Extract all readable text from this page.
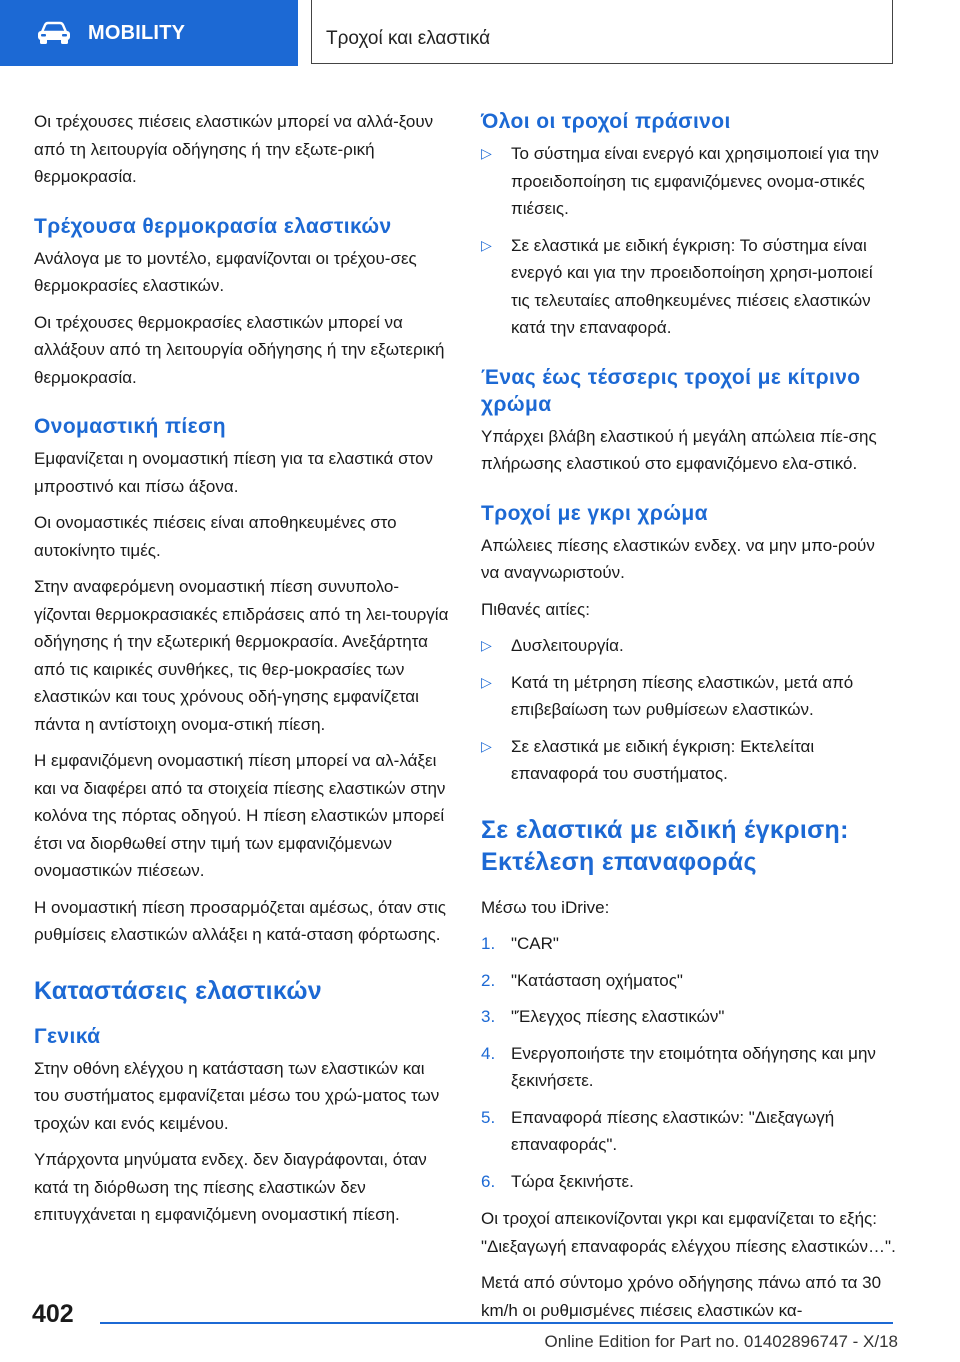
MOBILITY	Τροχοί και ελαστικά

Οι τρέχουσες πιέσεις ελαστικών μπορεί να αλλά-ξουν από τη λειτουργία οδήγησης ή την εξωτε-ρική θερμοκρασία.

Τρέχουσα θερμοκρασία ελαστικών

Ανάλογα με το μοντέλο, εμφανίζονται οι τρέχου-σες θερμοκρασίες ελαστικών.

Οι τρέχουσες θερμοκρασίες ελαστικών μπορεί να αλλάξουν από τη λειτουργία οδήγησης ή την εξωτερική θερμοκρασία.

Ονομαστική πίεση

Εμφανίζεται η ονομαστική πίεση για τα ελαστικά στον μπροστινό και πίσω άξονα.

Οι ονομαστικές πιέσεις είναι αποθηκευμένες στο αυτοκίνητο τιμές.

Στην αναφερόμενη ονομαστική πίεση συνυπολο-γίζονται θερμοκρασιακές επιδράσεις από τη λει-τουργία οδήγησης ή την εξωτερική θερμοκρασία. Ανεξάρτητα από τις καιρικές συνθήκες, τις θερ-μοκρασίες των ελαστικών και τους χρόνους οδή-γησης εμφανίζεται πάντα η αντίστοιχη ονομα-στική πίεση.

Η εμφανιζόμενη ονομαστική πίεση μπορεί να αλ-λάξει και να διαφέρει από τα στοιχεία πίεσης ελαστικών στην κολόνα της πόρτας οδηγού. Η πίεση ελαστικών μπορεί έτσι να διορθωθεί στην τιμή των εμφανιζόμενων ονομαστικών πιέσεων.

Η ονομαστική πίεση προσαρμόζεται αμέσως, όταν στις ρυθμίσεις ελαστικών αλλάξει η κατά-σταση φόρτωσης.

Καταστάσεις ελαστικών
Γενικά

Στην οθόνη ελέγχου η κατάσταση των ελαστικών και του συστήματος εμφανίζεται μέσω του χρώ-ματος των τροχών και ενός κειμένου.

Υπάρχοντα μηνύματα ενδεχ. δεν διαγράφονται, όταν κατά τη διόρθωση της πίεσης ελαστικών δεν επιτυγχάνεται η εμφανιζόμενη ονομαστική πίεση.

Όλοι οι τροχοί πράσινοι
▷ Το σύστημα είναι ενεργό και χρησιμοποιεί για την προειδοποίηση τις εμφανιζόμενες ονομα-στικές πιέσεις.
▷ Σε ελαστικά με ειδική έγκριση: Το σύστημα είναι ενεργό και για την προειδοποίηση χρησι-μοποιεί τις τελευταίες αποθηκευμένες πιέσεις ελαστικών κατά την επαναφορά.
Ένας έως τέσσερις τροχοί με κίτρινο χρώμα

Υπάρχει βλάβη ελαστικού ή μεγάλη απώλεια πίε-σης πλήρωσης ελαστικού στο εμφανιζόμενο ελα-στικό.

Τροχοί με γκρι χρώμα

Απώλειες πίεσης ελαστικών ενδεχ. να μην μπο-ρούν να αναγνωριστούν.

Πιθανές αιτίες:

▷ Δυσλειτουργία.
▷ Κατά τη μέτρηση πίεσης ελαστικών, μετά από επιβεβαίωση των ρυθμίσεων ελαστικών.
▷ Σε ελαστικά με ειδική έγκριση: Εκτελείται επαναφορά του συστήματος.
Σε ελαστικά με ειδική έγκριση: Εκτέλεση επαναφοράς

Μέσω του iDrive:

1. "CAR"
2. "Κατάσταση οχήματος"
3. "Έλεγχος πίεσης ελαστικών"
4. Ενεργοποιήστε την ετοιμότητα οδήγησης και μην ξεκινήσετε.
5. Επαναφορά πίεσης ελαστικών: "Διεξαγωγή επαναφοράς".
6. Τώρα ξεκινήστε.

Οι τροχοί απεικονίζονται γκρι και εμφανίζεται το εξής: "Διεξαγωγή επαναφοράς ελέγχου πίεσης ελαστικών…".

Μετά από σύντομο χρόνο οδήγησης πάνω από τα 30 km/h οι ρυθμισμένες πιέσεις ελαστικών κα-

402
Online Edition for Part no. 01402896747 - X/18
